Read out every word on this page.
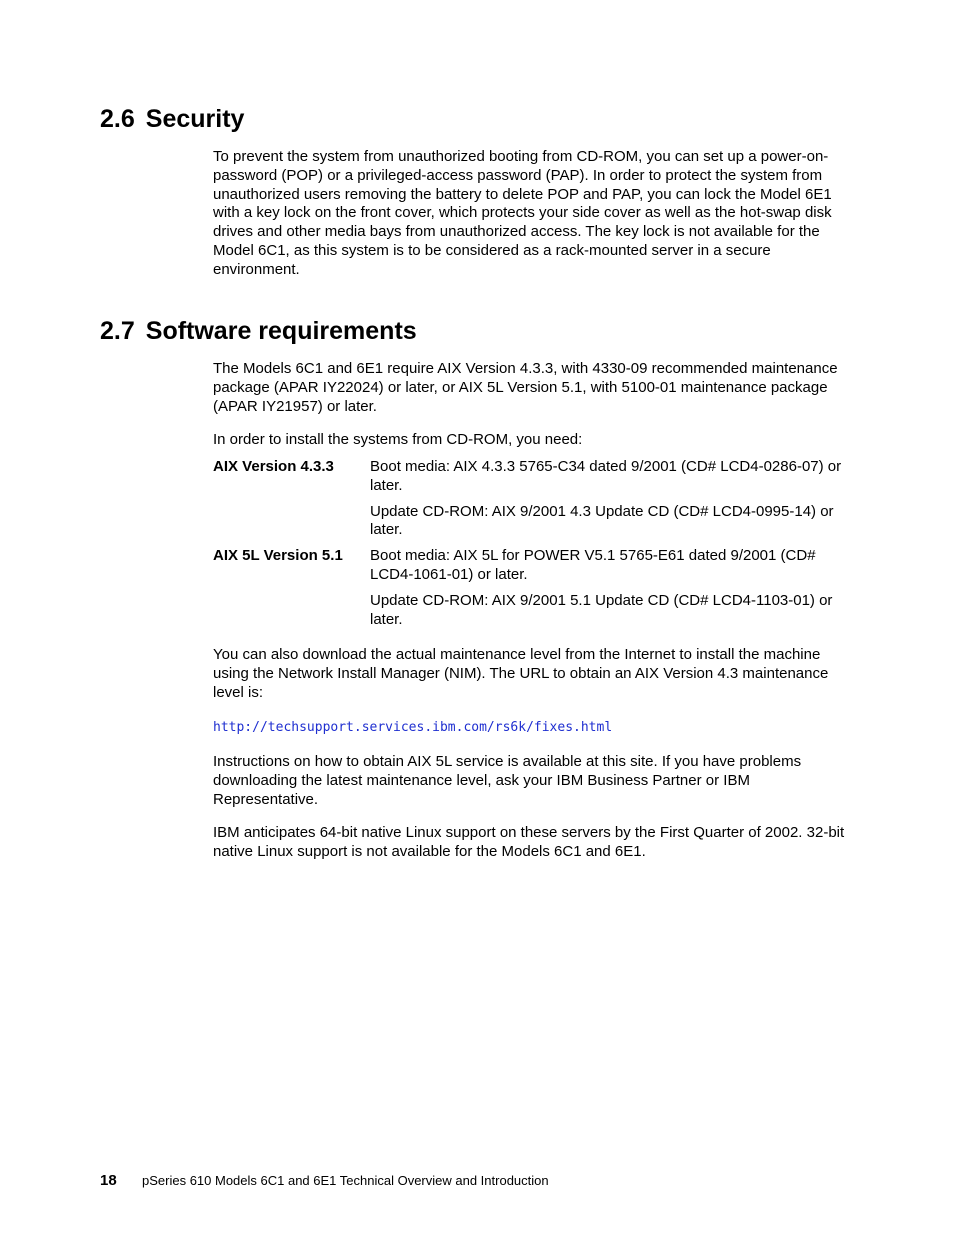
2.6 Security

To prevent the system from unauthorized booting from CD-ROM, you can set up a power-on-password (POP) or a privileged-access password (PAP). In order to protect the system from unauthorized users removing the battery to delete POP and PAP, you can lock the Model 6E1 with a key lock on the front cover, which protects your side cover as well as the hot-swap disk drives and other media bays from unauthorized access. The key lock is not available for the Model 6C1, as this system is to be considered as a rack-mounted server in a secure environment.

2.7 Software requirements

The Models 6C1 and 6E1 require AIX Version 4.3.3, with 4330-09 recommended maintenance package (APAR IY22024) or later, or AIX 5L Version 5.1, with 5100-01 maintenance package (APAR IY21957) or later.

In order to install the systems from CD-ROM, you need:

AIX Version 4.3.3	Boot media: AIX 4.3.3 5765-C34 dated 9/2001 (CD# LCD4-0286-07) or later.

Update CD-ROM: AIX 9/2001 4.3 Update CD (CD# LCD4-0995-14) or later.

AIX 5L Version 5.1	Boot media: AIX 5L for POWER V5.1 5765-E61 dated 9/2001 (CD# LCD4-1061-01) or later.

Update CD-ROM: AIX 9/2001 5.1 Update CD (CD# LCD4-1103-01) or later.

You can also download the actual maintenance level from the Internet to install the machine using the Network Install Manager (NIM). The URL to obtain an AIX Version 4.3 maintenance level is:

http://techsupport.services.ibm.com/rs6k/fixes.html

Instructions on how to obtain AIX 5L service is available at this site. If you have problems downloading the latest maintenance level, ask your IBM Business Partner or IBM Representative.

IBM anticipates 64-bit native Linux support on these servers by the First Quarter of 2002. 32-bit native Linux support is not available for the Models 6C1 and 6E1.

18 pSeries 610 Models 6C1 and 6E1 Technical Overview and Introduction
